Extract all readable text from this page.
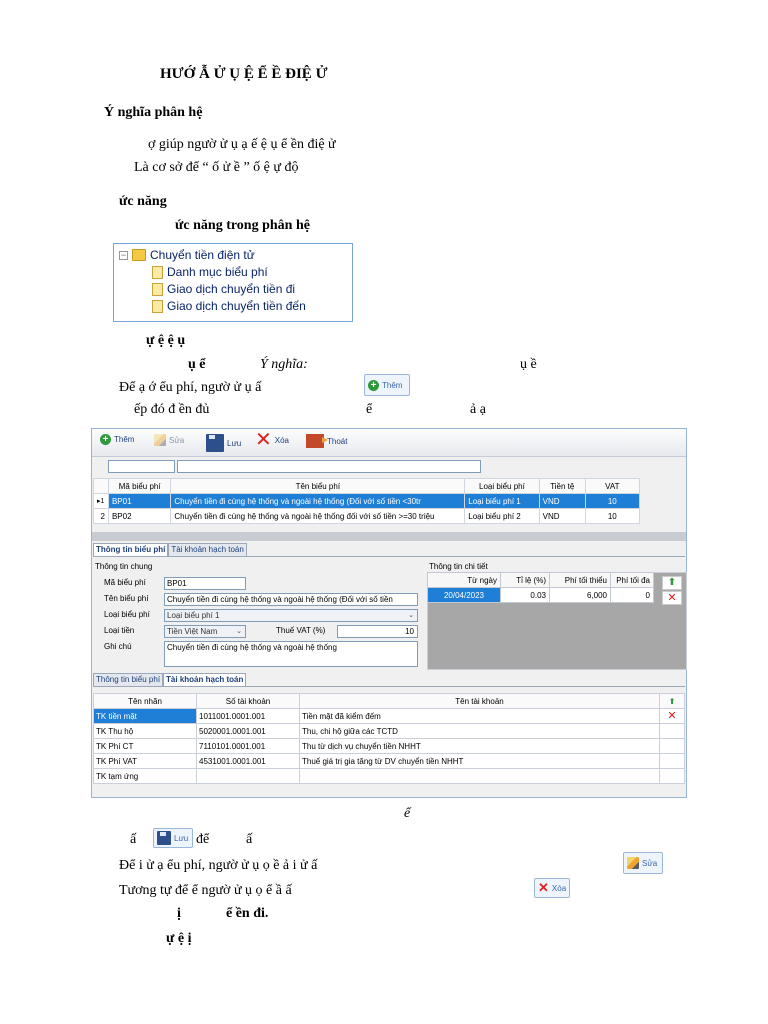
HƯỚ Ẫ Ử Ụ Ệ Ể Ề ĐIỆ Ử
Ý nghĩa phân hệ
ợ giúp ngườ ử ụ ạ ế ệ ụ ể ền điệ ử
Là cơ sở để “ ố ử ề ” ố ệ ự độ
ức năng
ức năng trong phân hệ
− Chuyển tiền điện tử
Danh mục biểu phí
Giao dịch chuyển tiền đi
Giao dịch chuyển tiền đến
ự ệ ệ ụ
ụ ể	Ý nghĩa:	ụ ề
Để ạ ớ ểu phí, ngườ ử ụ ấ	+ Thêm
ếp đó đ ền đủ	ể	ả ạ
+ Thêm	Sửa	Lưu ✕ Xóa	Thoát
	Mã biểu phí	Tên biểu phí	Loại biểu phí	Tiền tệ	VAT	
▸1	BP01	Chuyển tiền đi cùng hệ thống và ngoài hệ thống (Đối với số tiền <30tr	Loại biểu phí 1	VND	10	
2	BP02	Chuyển tiền đi cùng hệ thống và ngoài hệ thống đối với số tiền >=30 triệu	Loại biểu phí 2	VND	10	
Thông tin biểu phí Tài khoản hạch toán
Thông tin chung
Mã biểu phí	BP01
Tên biểu phí	Chuyển tiền đi cùng hệ thống và ngoài hệ thống (Đối với số tiền
Loại biểu phí	Loại biểu phí 1	⌄
Loại tiền	Tiền Việt Nam	⌄	Thuế VAT (%)	10
Ghi chú	Chuyển tiền đi cùng hệ thống và ngoài hệ thống
Thông tin chi tiết
Từ ngày	Tỉ lệ (%)	Phí tối thiểu	Phí tối đa
20/04/2023	0.03	6,000	0
⬆
✕
Thông tin biểu phí Tài khoản hạch toán
Tên nhãn	Số tài khoản	Tên tài khoản	⬆
TK tiền mặt	1011001.0001.001	Tiền mặt đã kiểm đếm	✕
TK Thu hộ	5020001.0001.001	Thu, chi hộ giữa các TCTD	
TK Phí CT	7110101.0001.001	Thu từ dịch vụ chuyển tiền NHHT	
TK Phí VAT	4531001.0001.001	Thuế giá trị gia tăng từ DV chuyển tiền NHHT	
TK tạm ứng			
ể
ấ	Lưu để	ấ
Để i ử ạ ểu phí, ngườ ử ụ ọ ề ả i ử ấ	Sửa
Tương tự để ể ngườ ử ụ ọ ể ầ ấ	✕ Xóa
ị	ể ền đi.
ự ệ ị
